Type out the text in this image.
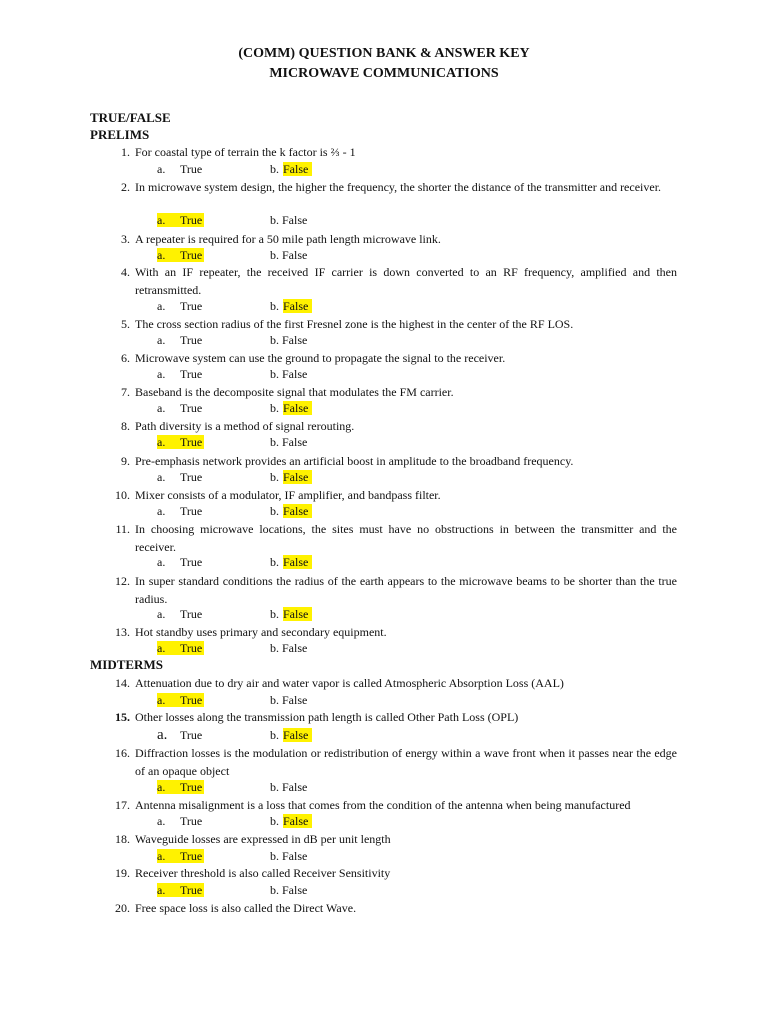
(COMM) QUESTION BANK & ANSWER KEY
MICROWAVE COMMUNICATIONS
TRUE/FALSE
PRELIMS
1. For coastal type of terrain the k factor is ⅔ - 1
a. True	b. False
2. In microwave system design, the higher the frequency, the shorter the distance of the transmitter and receiver.
a. True	b. False
3. A repeater is required for a 50 mile path length microwave link.
a. True	b. False
4. With an IF repeater, the received IF carrier is down converted to an RF frequency, amplified and then retransmitted.
a. True	b. False
5. The cross section radius of the first Fresnel zone is the highest in the center of the RF LOS.
a. True	b. False
6. Microwave system can use the ground to propagate the signal to the receiver.
a. True	b. False
7. Baseband is the decomposite signal that modulates the FM carrier.
a. True	b. False
8. Path diversity is a method of signal rerouting.
a. True	b. False
9. Pre-emphasis network provides an artificial boost in amplitude to the broadband frequency.
a. True	b. False
10. Mixer consists of a modulator, IF amplifier, and bandpass filter.
a. True	b. False
11. In choosing microwave locations, the sites must have no obstructions in between the transmitter and the receiver.
a. True	b. False
12. In super standard conditions the radius of the earth appears to the microwave beams to be shorter than the true radius.
a. True	b. False
13. Hot standby uses primary and secondary equipment.
a. True	b. False
MIDTERMS
14. Attenuation due to dry air and water vapor is called Atmospheric Absorption Loss (AAL)
a. True	b. False
15. Other losses along the transmission path length is called Other Path Loss (OPL)
a. True	b. False
16. Diffraction losses is the modulation or redistribution of energy within a wave front when it passes near the edge of an opaque object
a. True	b. False
17. Antenna misalignment is a loss that comes from the condition of the antenna when being manufactured
a. True	b. False
18. Waveguide losses are expressed in dB per unit length
a. True	b. False
19. Receiver threshold is also called Receiver Sensitivity
a. True	b. False
20. Free space loss is also called the Direct Wave.
